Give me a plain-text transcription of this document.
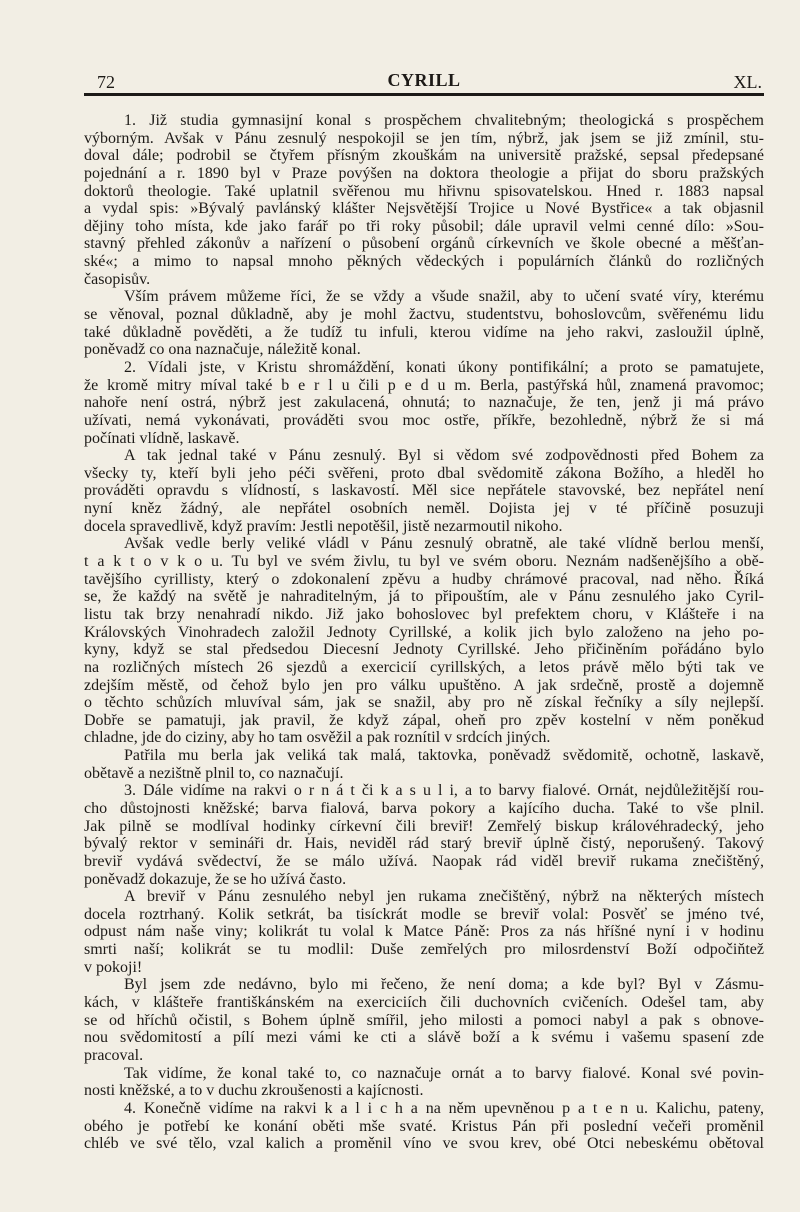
72	CYRILL	XL.
1. Již studia gymnasijní konal s prospěchem chvalitebným; theologická s prospěchem
výborným. Avšak v Pánu zesnulý nespokojil se jen tím, nýbrž, jak jsem se již zmínil, stu-
doval dále; podrobil se čtyřem přísným zkouškám na universitě pražské, sepsal předepsané
pojednání a r. 1890 byl v Praze povýšen na doktora theologie a přijat do sboru pražských
doktorů theologie. Také uplatnil svěřenou mu hřivnu spisovatelskou. Hned r. 1883 napsal
a vydal spis: »Bývalý pavlánský klášter Nejsvětější Trojice u Nové Bystřice« a tak objasnil
dějiny toho místa, kde jako farář po tři roky působil; dále upravil velmi cenné dílo: »Sou-
stavný přehled zákonův a nařízení o působení orgánů církevních ve škole obecné a měšťan-
ské«; a mimo to napsal mnoho pěkných vědeckých i populárních článků do rozličných
časopisův.
Vším právem můžeme říci, že se vždy a všude snažil, aby to učení svaté víry, kterému
se věnoval, poznal důkladně, aby je mohl žactvu, studentstvu, bohoslovcům, svěřenému lidu
také důkladně pověděti, a že tudíž tu infuli, kterou vidíme na jeho rakvi, zasloužil úplně,
poněvadž co ona naznačuje, náležitě konal.
2. Vídali jste, v Kristu shromáždění, konati úkony pontifikální; a proto se pamatujete,
že kromě mitry míval také b e r l u čili p e d u m. Berla, pastýřská hůl, znamená pravomoc;
nahoře není ostrá, nýbrž jest zakulacená, ohnutá; to naznačuje, že ten, jenž ji má právo
užívati, nemá vykonávati, prováděti svou moc ostře, příkře, bezohledně, nýbrž že si má
počínati vlídně, laskavě.
A tak jednal také v Pánu zesnulý. Byl si vědom své zodpovědnosti před Bohem za
všecky ty, kteří byli jeho péči svěřeni, proto dbal svědomitě zákona Božího, a hleděl ho
prováděti opravdu s vlídností, s laskavostí. Měl sice nepřátele stavovské, bez nepřátel není
nyní kněz žádný, ale nepřátel osobních neměl. Dojista jej v té příčině posuzuji
docela spravedlivě, když pravím: Jestli nepotěšil, jistě nezarmoutil nikoho.
Avšak vedle berly veliké vládl v Pánu zesnulý obratně, ale také vlídně berlou menší,
t a k t o v k o u. Tu byl ve svém živlu, tu byl ve svém oboru. Neznám nadšenějšího a obě-
tavějšího cyrillisty, který o zdokonalení zpěvu a hudby chrámové pracoval, nad něho. Říká
se, že každý na světě je nahraditelným, já to připouštím, ale v Pánu zesnulého jako Cyril-
listu tak brzy nenahradí nikdo. Již jako bohoslovec byl prefektem choru, v Klášteře i na
Královských Vinohradech založil Jednoty Cyrillské, a kolik jich bylo založeno na jeho po-
kyny, když se stal předsedou Diecesní Jednoty Cyrillské. Jeho přičiněním pořádáno bylo
na rozličných místech 26 sjezdů a exercicií cyrillských, a letos právě mělo býti tak ve
zdejším městě, od čehož bylo jen pro válku upuštěno. A jak srdečně, prostě a dojemně
o těchto schůzích mluvíval sám, jak se snažil, aby pro ně získal řečníky a síly nejlepší.
Dobře se pamatuji, jak pravil, že když zápal, oheň pro zpěv kostelní v něm poněkud
chladne, jde do ciziny, aby ho tam osvěžil a pak roznítil v srdcích jiných.
Patřila mu berla jak veliká tak malá, taktovka, poněvadž svědomitě, ochotně, laskavě,
obětavě a nezištně plnil to, co naznačují.
3. Dále vidíme na rakvi o r n á t či k a s u l i, a to barvy fialové. Ornát, nejdůležitější rou-
cho důstojnosti kněžské; barva fialová, barva pokory a kajícího ducha. Také to vše plnil.
Jak pilně se modlíval hodinky církevní čili breviř! Zemřelý biskup královéhradecký, jeho
bývalý rektor v semináři dr. Hais, neviděl rád starý breviř úplně čistý, neporušený. Takový
breviř vydává svědectví, že se málo užívá. Naopak rád viděl breviř rukama znečištěný,
poněvadž dokazuje, že se ho užívá často.
A breviř v Pánu zesnulého nebyl jen rukama znečištěný, nýbrž na některých místech
docela roztrhaný. Kolik setkrát, ba tisíckrát modle se breviř volal: Posvěť se jméno tvé,
odpust nám naše viny; kolikrát tu volal k Matce Páně: Pros za nás hříšné nyní i v hodinu
smrti naší; kolikrát se tu modlil: Duše zemřelých pro milosrdenství Boží odpočiňtež
v pokoji!
Byl jsem zde nedávno, bylo mi řečeno, že není doma; a kde byl? Byl v Zásmu-
kách, v klášteře františkánském na exerciciích čili duchovních cvičeních. Odešel tam, aby
se od hříchů očistil, s Bohem úplně smířil, jeho milosti a pomoci nabyl a pak s obnove-
nou svědomitostí a pílí mezi vámi ke cti a slávě boží a k svému i vašemu spasení zde
pracoval.
Tak vidíme, že konal také to, co naznačuje ornát a to barvy fialové. Konal své povin-
nosti kněžské, a to v duchu zkroušenosti a kajícnosti.
4. Konečně vidíme na rakvi k a l i c h a na něm upevněnou p a t e n u. Kalichu, pateny,
obého je potřebí ke konání oběti mše svaté. Kristus Pán při poslední večeři proměnil
chléb ve své tělo, vzal kalich a proměnil víno ve svou krev, obé Otci nebeskému obětoval
